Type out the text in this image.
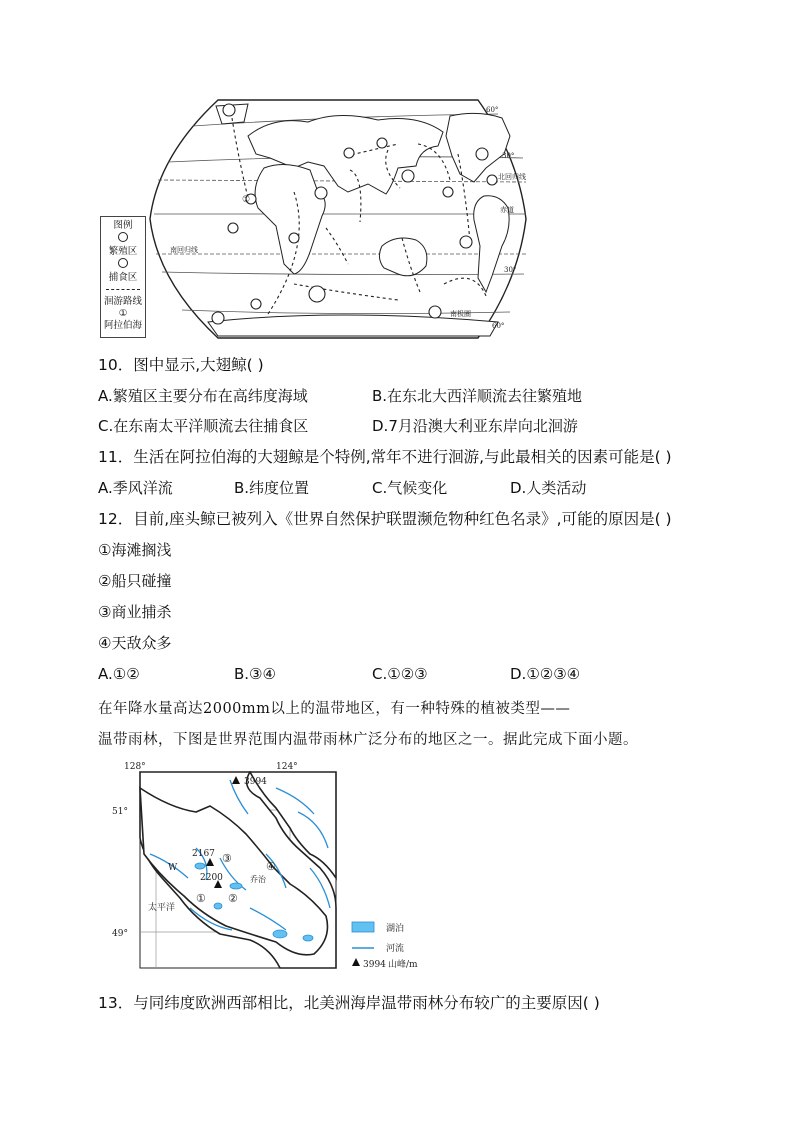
60°
30°
北回归线
赤道
南回归线
30°
南极圈
60°
①
图例
繁殖区
捕食区
洄游路线
①
阿拉伯海
10．图中显示,大翅鲸( )
A.繁殖区主要分布在高纬度海域	B.在东北大西洋顺流去往繁殖地
C.在东南太平洋顺流去往捕食区	D.7月沿澳大利亚东岸向北洄游
11．生活在阿拉伯海的大翅鲸是个特例,常年不进行洄游,与此最相关的因素可能是( )
A.季风洋流	B.纬度位置	C.气候变化	D.人类活动
12．目前,座头鲸已被列入《世界自然保护联盟濒危物种红色名录》,可能的原因是( )
①海滩搁浅
②船只碰撞
③商业捕杀
④天敌众多
A.①②	B.③④	C.①②③	D.①②③④
在年降水量高达2000mm以上的温带地区，有一种特殊的植被类型——
温带雨林，下图是世界范围内温带雨林广泛分布的地区之一。据此完成下面小题。
128°	124°
51°
49°
3994
2167
2200
W
太平洋
乔治
① ②
③
④
湖泊
河流
3994 山峰/m
13．与同纬度欧洲西部相比，北美洲海岸温带雨林分布较广的主要原因( )
